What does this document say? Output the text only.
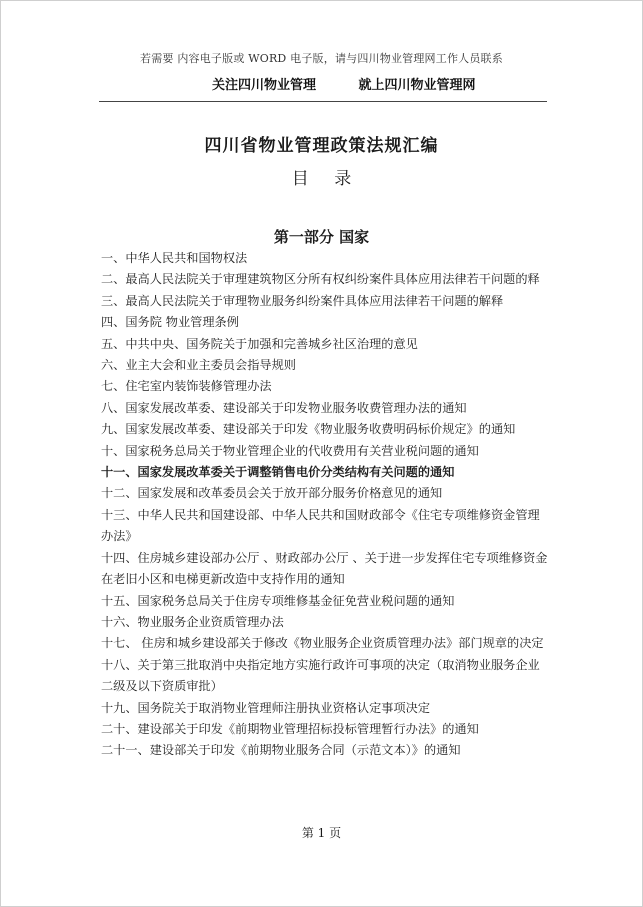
若需要 内容电子版或 WORD 电子版，请与四川物业管理网工作人员联系
关注四川物业管理	就上四川物业管理网
四川省物业管理政策法规汇编
目 录
第一部分 国家
一、中华人民共和国物权法
二、最高人民法院关于审理建筑物区分所有权纠纷案件具体应用法律若干问题的释
三、最高人民法院关于审理物业服务纠纷案件具体应用法律若干问题的解释
四、国务院 物业管理条例
五、中共中央、国务院关于加强和完善城乡社区治理的意见
六、业主大会和业主委员会指导规则
七、住宅室内装饰装修管理办法
八、国家发展改革委、建设部关于印发物业服务收费管理办法的通知
九、国家发展改革委、建设部关于印发《物业服务收费明码标价规定》的通知
十、国家税务总局关于物业管理企业的代收费用有关营业税问题的通知
十一、国家发展改革委关于调整销售电价分类结构有关问题的通知
十二、国家发展和改革委员会关于放开部分服务价格意见的通知
十三、中华人民共和国建设部、中华人民共和国财政部令《住宅专项维修资金管理办法》
十四、住房城乡建设部办公厅 、财政部办公厅 、关于进一步发挥住宅专项维修资金在老旧小区和电梯更新改造中支持作用的通知
十五、国家税务总局关于住房专项维修基金征免营业税问题的通知
十六、物业服务企业资质管理办法
十七、 住房和城乡建设部关于修改《物业服务企业资质管理办法》部门规章的决定
十八、关于第三批取消中央指定地方实施行政许可事项的决定（取消物业服务企业二级及以下资质审批）
十九、国务院关于取消物业管理师注册执业资格认定事项决定
二十、建设部关于印发《前期物业管理招标投标管理暂行办法》的通知
二十一、建设部关于印发《前期物业服务合同（示范文本）》的通知
第 1 页
